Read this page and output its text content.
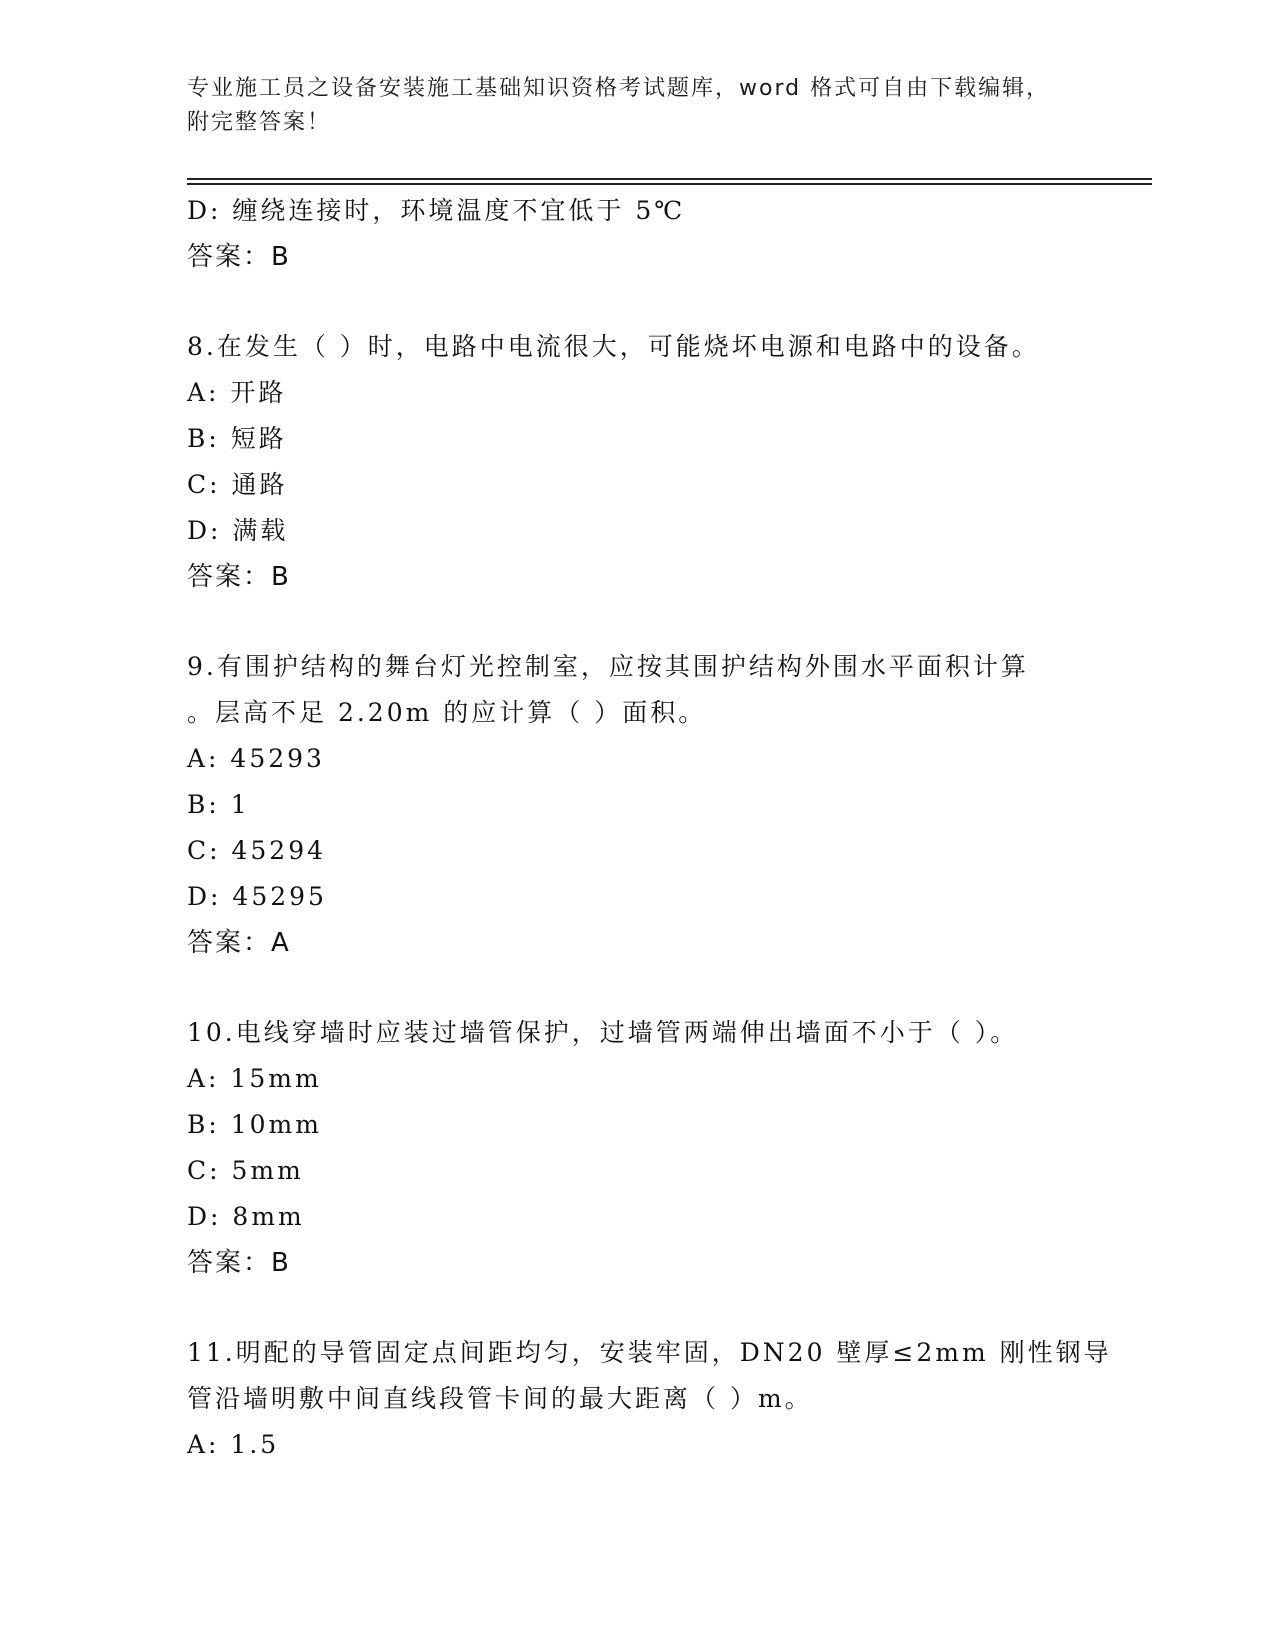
专业施工员之设备安装施工基础知识资格考试题库，word 格式可自由下载编辑，
附完整答案！
D: 缠绕连接时，环境温度不宜低于 5℃
答案：B
8.在发生（ ）时，电路中电流很大，可能烧坏电源和电路中的设备。
A: 开路
B: 短路
C: 通路
D: 满载
答案：B
9.有围护结构的舞台灯光控制室，应按其围护结构外围水平面积计算
。层高不足 2.20m 的应计算（ ）面积。
A: 45293
B: 1
C: 45294
D: 45295
答案：A
10.电线穿墙时应装过墙管保护，过墙管两端伸出墙面不小于（ ）。
A: 15mm
B: 10mm
C: 5mm
D: 8mm
答案：B
11.明配的导管固定点间距均匀，安装牢固，DN20 壁厚≤2mm 刚性钢导
管沿墙明敷中间直线段管卡间的最大距离（ ）m。
A: 1.5
